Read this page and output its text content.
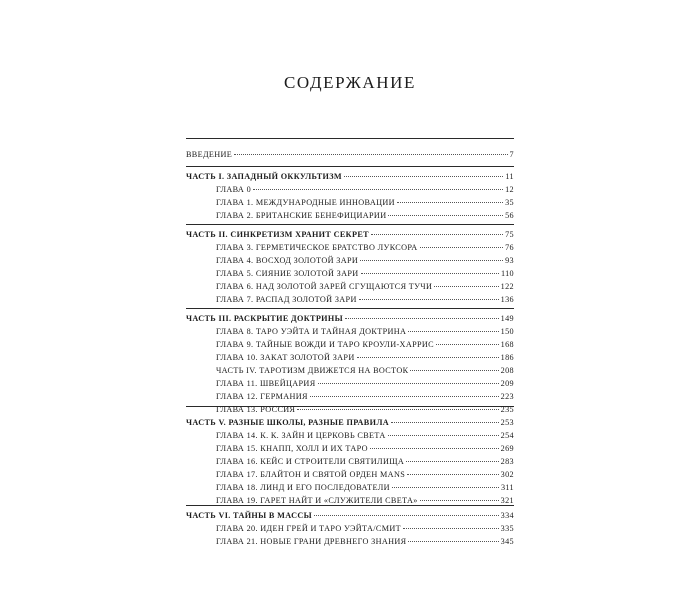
СОДЕРЖАНИЕ
ВВЕДЕНИЕ	7
ЧАСТЬ I. ЗАПАДНЫЙ ОККУЛЬТИЗМ	11
ГЛАВА 0	12
ГЛАВА 1. МЕЖДУНАРОДНЫЕ ИННОВАЦИИ	35
ГЛАВА 2. БРИТАНСКИЕ БЕНЕФИЦИАРИИ	56
ЧАСТЬ II. СИНКРЕТИЗМ ХРАНИТ СЕКРЕТ	75
ГЛАВА 3. ГЕРМЕТИЧЕСКОЕ БРАТСТВО ЛУКСОРА	76
ГЛАВА 4. ВОСХОД ЗОЛОТОЙ ЗАРИ	93
ГЛАВА 5. СИЯНИЕ ЗОЛОТОЙ ЗАРИ	110
ГЛАВА 6. НАД ЗОЛОТОЙ ЗАРЕЙ СГУЩАЮТСЯ ТУЧИ	122
ГЛАВА 7. РАСПАД ЗОЛОТОЙ ЗАРИ	136
ЧАСТЬ III. РАСКРЫТИЕ ДОКТРИНЫ	149
ГЛАВА 8. ТАРО УЭЙТА И ТАЙНАЯ ДОКТРИНА	150
ГЛАВА 9. ТАЙНЫЕ ВОЖДИ И ТАРО КРОУЛИ-ХАРРИС	168
ГЛАВА 10. ЗАКАТ ЗОЛОТОЙ ЗАРИ	186
ЧАСТЬ IV. ТАРОТИЗМ ДВИЖЕТСЯ НА ВОСТОК	208
ГЛАВА 11. ШВЕЙЦАРИЯ	209
ГЛАВА 12. ГЕРМАНИЯ	223
ГЛАВА 13. РОССИЯ	235
ЧАСТЬ V. РАЗНЫЕ ШКОЛЫ, РАЗНЫЕ ПРАВИЛА	253
ГЛАВА 14. К. К. ЗАЙН И ЦЕРКОВЬ СВЕТА	254
ГЛАВА 15. КНАПП, ХОЛЛ И ИХ ТАРО	269
ГЛАВА 16. КЕЙС И СТРОИТЕЛИ СВЯТИЛИЩА	283
ГЛАВА 17. БЛАЙТОН И СВЯТОЙ ОРДЕН MANS	302
ГЛАВА 18. ЛИНД И ЕГО ПОСЛЕДОВАТЕЛИ	311
ГЛАВА 19. ГАРЕТ НАЙТ И «СЛУЖИТЕЛИ СВЕТА»	321
ЧАСТЬ VI. ТАЙНЫ В МАССЫ	334
ГЛАВА 20. ИДЕН ГРЕЙ И ТАРО УЭЙТА/СМИТ	335
ГЛАВА 21. НОВЫЕ ГРАНИ ДРЕВНЕГО ЗНАНИЯ	345
